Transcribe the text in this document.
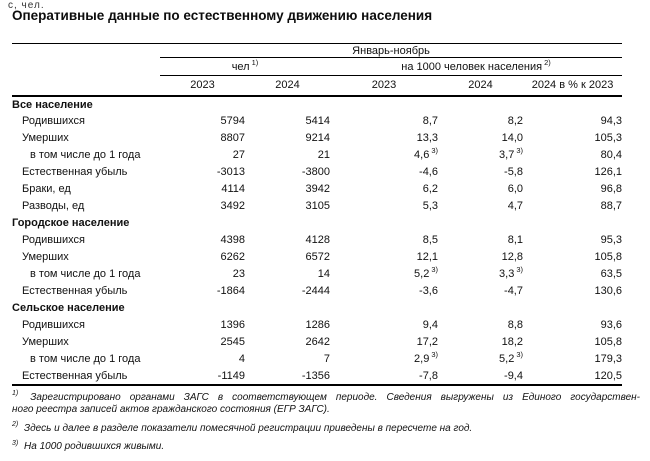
с, чел.
Оперативные данные по естественному движению населения
	Январь-ноябрь				
	чел $^{1)}$		на 1000 человек населения $^{2)}$
	2023	2024	2023	2024	2024 в % к 2023
Все население					
Родившихся	5794	5414	8,7	8,2	94,3
Умерших	8807	9214	13,3	14,0	105,3
в том числе до 1 года	27	21	4,6 $^{3)}$	3,7 $^{3)}$	80,4
Естественная убыль	-3013	-3800	-4,6	-5,8	126,1
Браки, ед	4114	3942	6,2	6,0	96,8
Разводы, ед	3492	3105	5,3	4,7	88,7
Городское население					
Родившихся	4398	4128	8,5	8,1	95,3
Умерших	6262	6572	12,1	12,8	105,8
в том числе до 1 года	23	14	5,2 $^{3)}$	3,3 $^{3)}$	63,5
Естественная убыль	-1864	-2444	-3,6	-4,7	130,6
Сельское население					
Родившихся	1396	1286	9,4	8,8	93,6
Умерших	2545	2642	17,2	18,2	105,8
в том числе до 1 года	4	7	2,9 $^{3)}$	5,2 $^{3)}$	179,3
Естественная убыль	-1149	-1356	-7,8	-9,4	120,5
$^{1)}$ Зарегистрировано органами ЗАГС в соответствующем периоде. Сведения выгружены из Единого государствен-
ного реестра записей актов гражданского состояния (ЕГР ЗАГС).
$^{2)}$ Здесь и далее в разделе показатели помесячной регистрации приведены в пересчете на год.
$^{3)}$ На 1000 родившихся живыми.
